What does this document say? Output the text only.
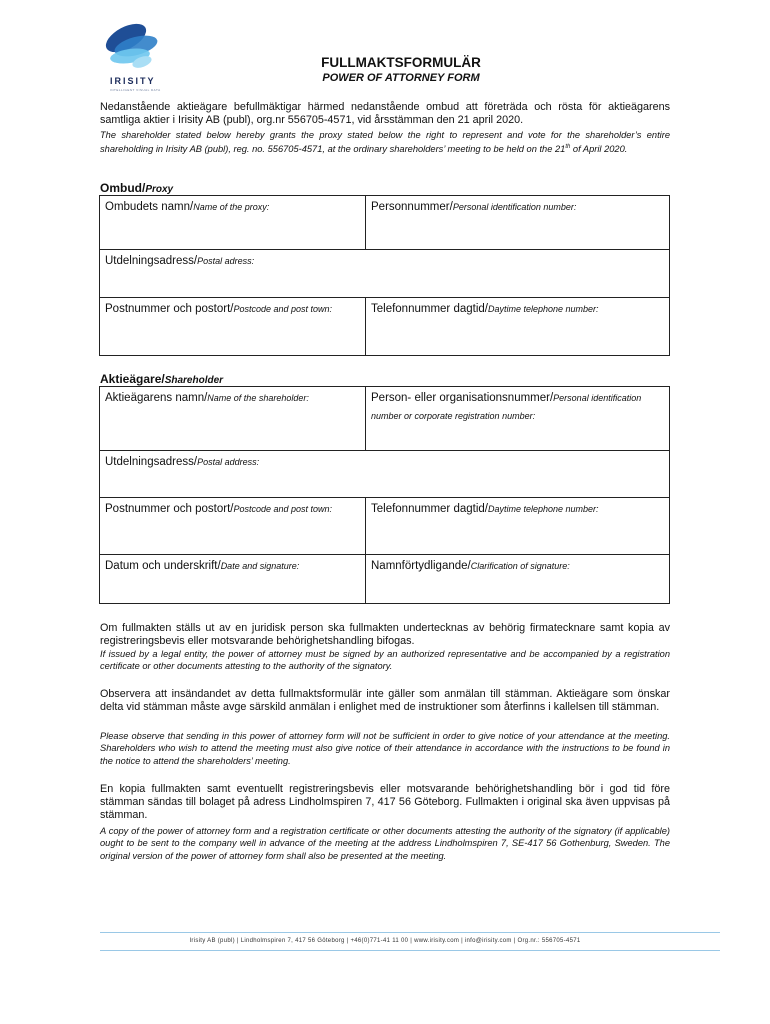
IRISITY
INTELLIGENT VISUAL DATA
FULLMAKTSFORMULÄR
POWER OF ATTORNEY FORM
Nedanstående aktieägare befullmäktigar härmed nedanstående ombud att företräda och rösta för aktieägarens samtliga aktier i Irisity AB (publ), org.nr 556705-4571, vid årsstämman den 21 april 2020.
The shareholder stated below hereby grants the proxy stated below the right to represent and vote for the shareholder’s entire shareholding in Irisity AB (publ), reg. no. 556705-4571, at the ordinary shareholders’ meeting to be held on the 21th of April 2020.
Ombud/Proxy
Ombudets namn/Name of the proxy:	Personnummer/Personal identification number:
Utdelningsadress/Postal adress:	
Postnummer och postort/Postcode and post town:	Telefonnummer dagtid/Daytime telephone number:
Aktieägare/Shareholder
Aktieägarens namn/Name of the shareholder:	Person- eller organisationsnummer/Personal identification number or corporate registration number:
Utdelningsadress/Postal address:	
Postnummer och postort/Postcode and post town:	Telefonnummer dagtid/Daytime telephone number:
Datum och underskrift/Date and signature:	Namnförtydligande/Clarification of signature:
Om fullmakten ställs ut av en juridisk person ska fullmakten undertecknas av behörig firmatecknare samt kopia av registreringsbevis eller motsvarande behörighetshandling bifogas.
If issued by a legal entity, the power of attorney must be signed by an authorized representative and be accompanied by a registration certificate or other documents attesting to the authority of the signatory.
Observera att insändandet av detta fullmaktsformulär inte gäller som anmälan till stämman. Aktieägare som önskar delta vid stämman måste avge särskild anmälan i enlighet med de instruktioner som återfinns i kallelsen till stämman.
Please observe that sending in this power of attorney form will not be sufficient in order to give notice of your attendance at the meeting. Shareholders who wish to attend the meeting must also give notice of their attendance in accordance with the instructions to be found in the notice to attend the shareholders’ meeting.
En kopia fullmakten samt eventuellt registreringsbevis eller motsvarande behörighetshandling bör i god tid före stämman sändas till bolaget på adress Lindholmspiren 7, 417 56 Göteborg. Fullmakten i original ska även uppvisas på stämman.
A copy of the power of attorney form and a registration certificate or other documents attesting the authority of the signatory (if applicable) ought to be sent to the company well in advance of the meeting at the address Lindholmspiren 7, SE-417 56 Gothenburg, Sweden. The original version of the power of attorney form shall also be presented at the meeting.
Irisity AB (publ) | Lindholmspiren 7, 417 56 Göteborg | +46(0)771-41 11 00 | www.irisity.com | info@irisity.com | Org.nr.: 556705-4571
